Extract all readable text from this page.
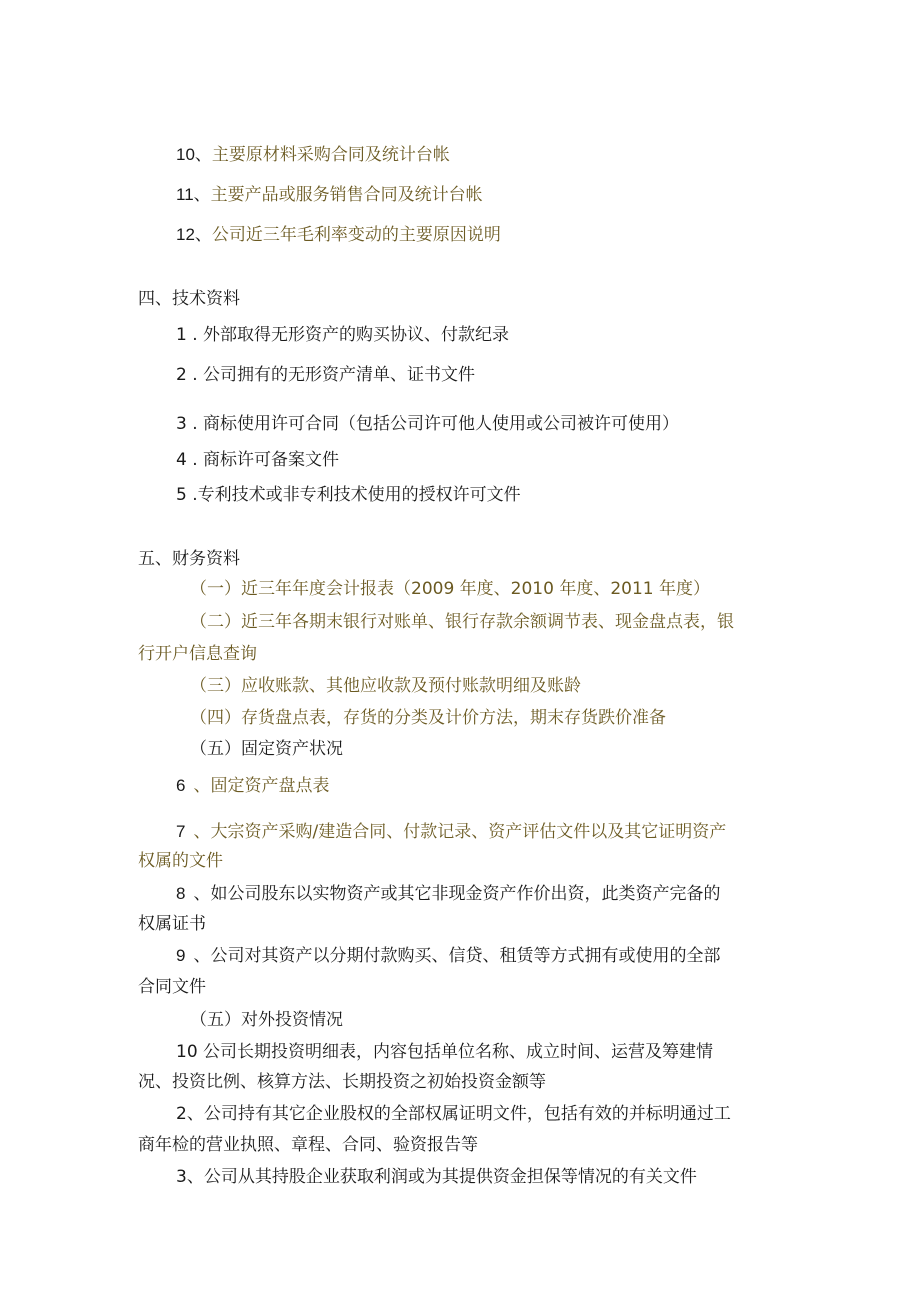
10、主要原材料采购合同及统计台帐
11、主要产品或服务销售合同及统计台帐
12、公司近三年毛利率变动的主要原因说明
四、技术资料
1 . 外部取得无形资产的购买协议、付款纪录
2 . 公司拥有的无形资产清单、证书文件
3 . 商标使用许可合同（包括公司许可他人使用或公司被许可使用）
4 . 商标许可备案文件
5 .专利技术或非专利技术使用的授权许可文件
五、财务资料
（一）近三年年度会计报表（2009 年度、2010 年度、2011 年度）
（二）近三年各期末银行对账单、银行存款余额调节表、现金盘点表，银
行开户信息查询
（三）应收账款、其他应收款及预付账款明细及账龄
（四）存货盘点表，存货的分类及计价方法，期末存货跌价准备
（五）固定资产状况
6 、固定资产盘点表
7 、大宗资产采购/建造合同、付款记录、资产评估文件以及其它证明资产
权属的文件
8 、如公司股东以实物资产或其它非现金资产作价出资，此类资产完备的
权属证书
9 、公司对其资产以分期付款购买、信贷、租赁等方式拥有或使用的全部
合同文件
（五）对外投资情况
10 公司长期投资明细表，内容包括单位名称、成立时间、运营及筹建情
况、投资比例、核算方法、长期投资之初始投资金额等
2、公司持有其它企业股权的全部权属证明文件，包括有效的并标明通过工
商年检的营业执照、章程、合同、验资报告等
3、公司从其持股企业获取利润或为其提供资金担保等情况的有关文件
